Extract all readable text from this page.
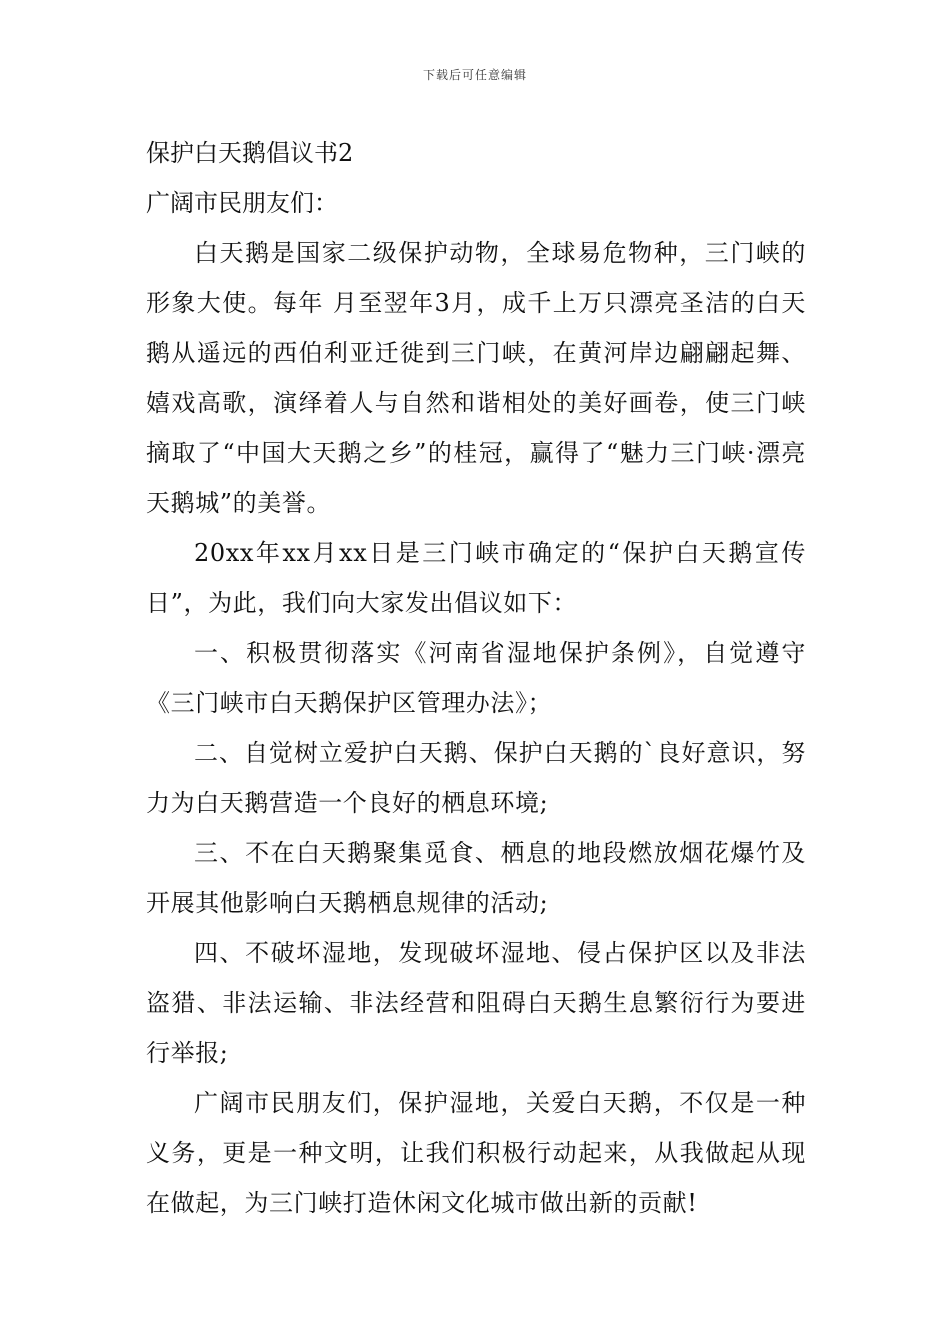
下载后可任意编辑

保护白天鹅倡议书2

广阔市民朋友们：

白天鹅是国家二级保护动物，全球易危物种，三门峡的形象大使。每年 月至翌年3月，成千上万只漂亮圣洁的白天鹅从遥远的西伯利亚迁徙到三门峡，在黄河岸边翩翩起舞、嬉戏高歌，演绎着人与自然和谐相处的美好画卷，使三门峡摘取了“中国大天鹅之乡”的桂冠，赢得了“魅力三门峡·漂亮天鹅城”的美誉。

20xx年xx月xx日是三门峡市确定的“保护白天鹅宣传日”，为此，我们向大家发出倡议如下：

一、积极贯彻落实《河南省湿地保护条例》，自觉遵守《三门峡市白天鹅保护区管理办法》；

二、自觉树立爱护白天鹅、保护白天鹅的`良好意识，努力为白天鹅营造一个良好的栖息环境;

三、不在白天鹅聚集觅食、栖息的地段燃放烟花爆竹及开展其他影响白天鹅栖息规律的活动;

四、不破坏湿地，发现破坏湿地、侵占保护区以及非法盗猎、非法运输、非法经营和阻碍白天鹅生息繁衍行为要进行举报;

广阔市民朋友们，保护湿地，关爱白天鹅，不仅是一种义务，更是一种文明，让我们积极行动起来，从我做起从现在做起，为三门峡打造休闲文化城市做出新的贡献!
